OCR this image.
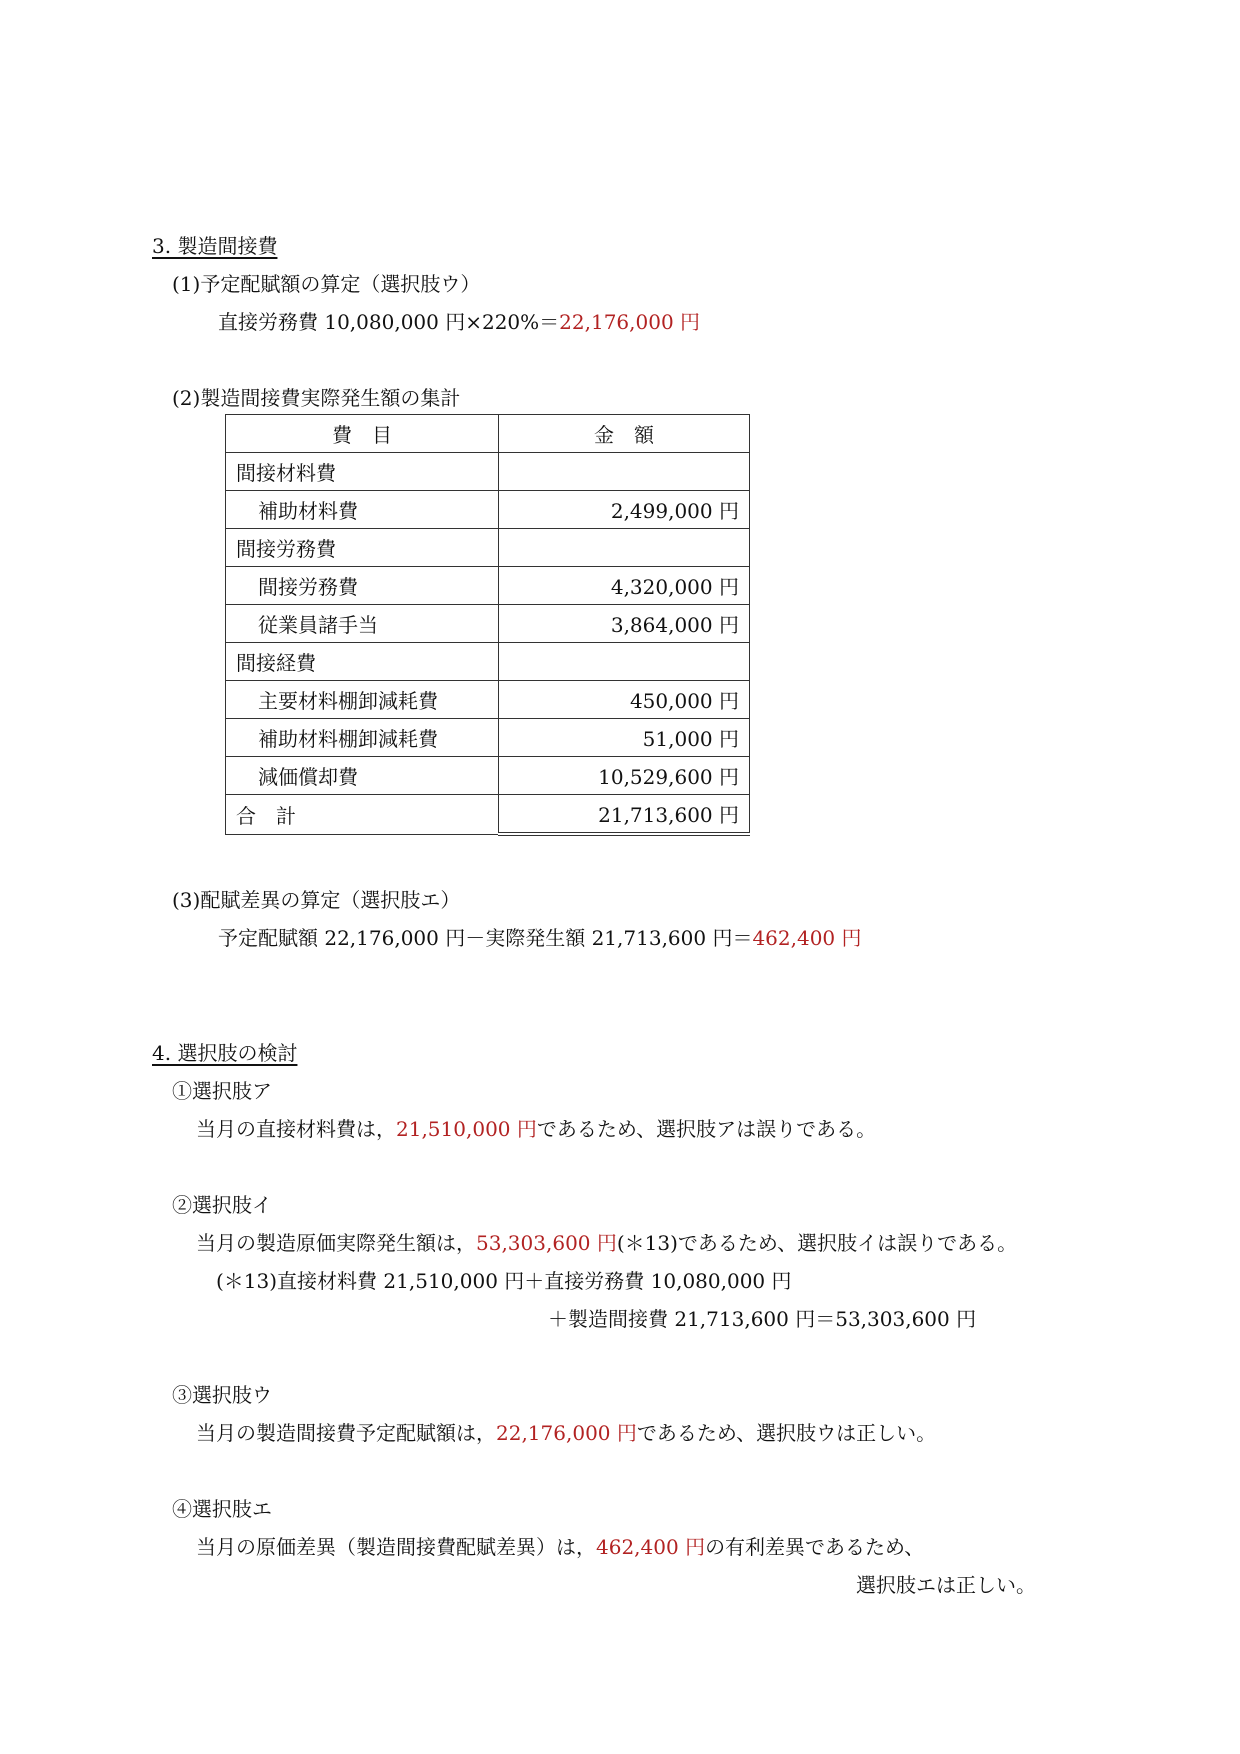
3. 製造間接費
(1)予定配賦額の算定（選択肢ウ）
直接労務費 10,080,000 円×220%＝22,176,000 円
(2)製造間接費実際発生額の集計
費　目	金　額
間接材料費	
補助材料費	2,499,000 円
間接労務費	
間接労務費	4,320,000 円
従業員諸手当	3,864,000 円
間接経費	
主要材料棚卸減耗費	450,000 円
補助材料棚卸減耗費	51,000 円
減価償却費	10,529,600 円
合　計	21,713,600 円
(3)配賦差異の算定（選択肢エ）
予定配賦額 22,176,000 円－実際発生額 21,713,600 円＝462,400 円
4. 選択肢の検討
①選択肢ア
当月の直接材料費は，21,510,000 円であるため、選択肢アは誤りである。
②選択肢イ
当月の製造原価実際発生額は，53,303,600 円(＊13)であるため、選択肢イは誤りである。
(＊13)直接材料費 21,510,000 円＋直接労務費 10,080,000 円
＋製造間接費 21,713,600 円＝53,303,600 円
③選択肢ウ
当月の製造間接費予定配賦額は，22,176,000 円であるため、選択肢ウは正しい。
④選択肢エ
当月の原価差異（製造間接費配賦差異）は，462,400 円の有利差異であるため、
選択肢エは正しい。
